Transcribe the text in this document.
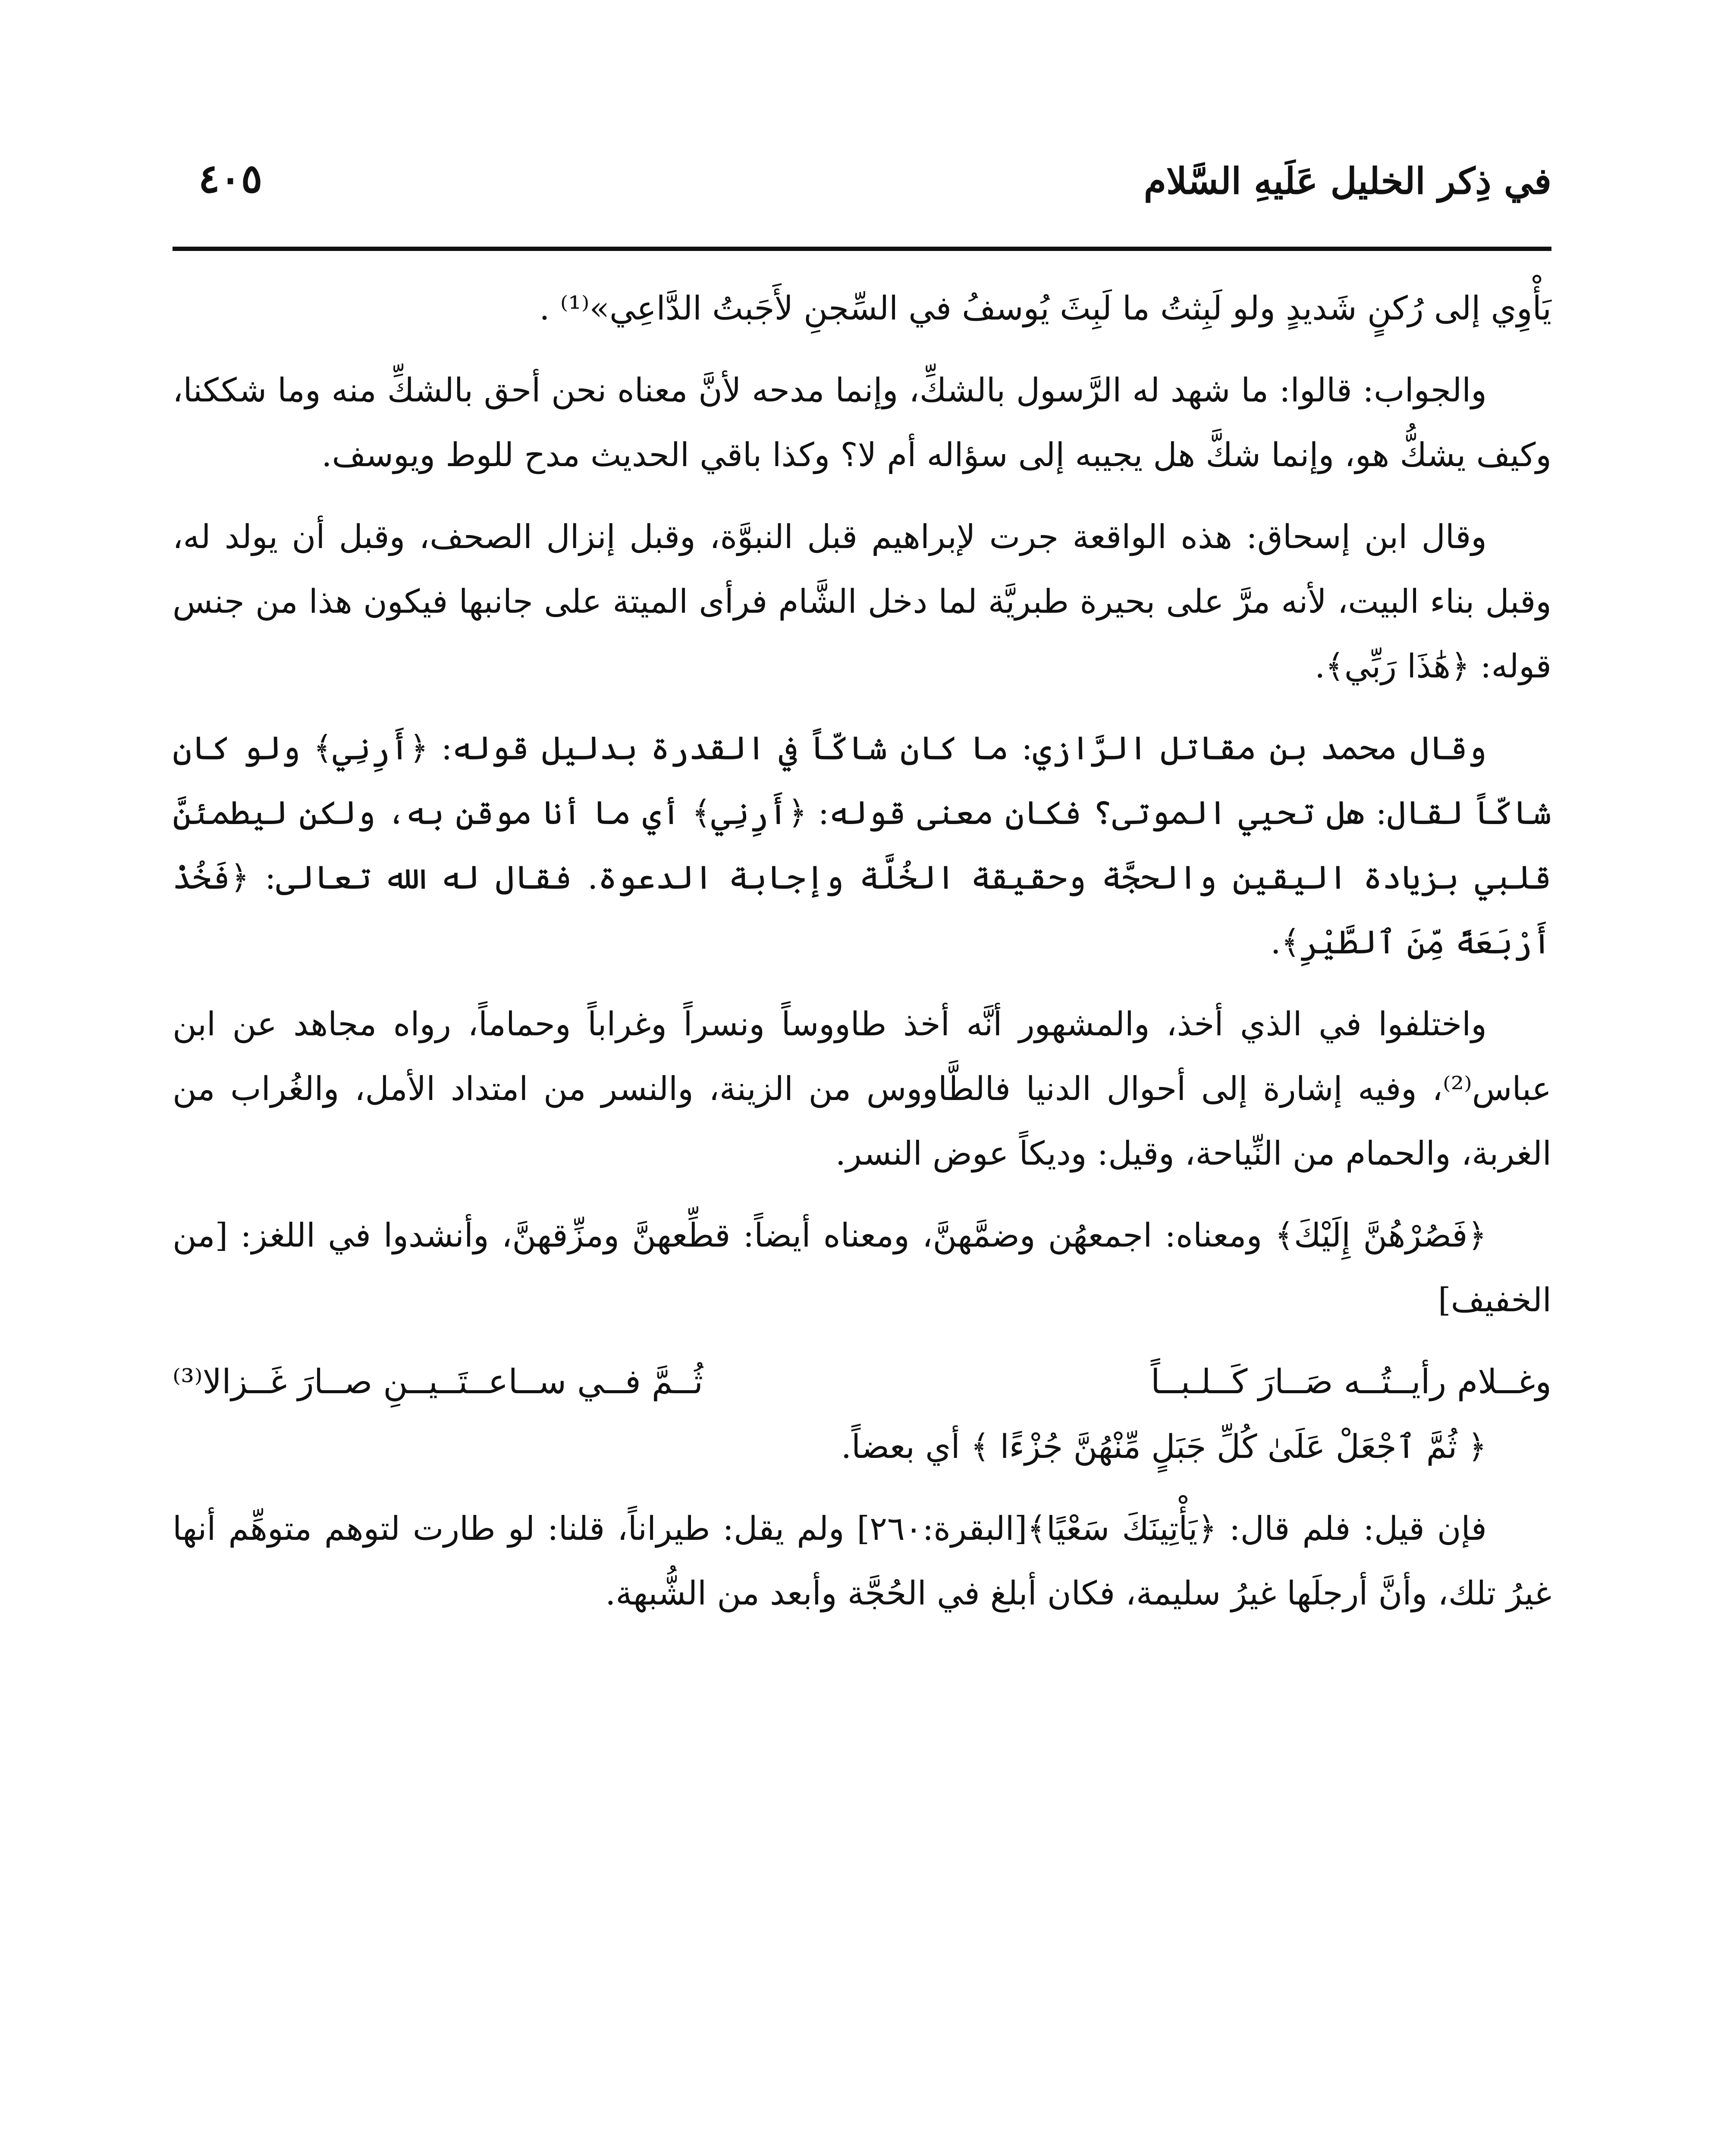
في ذِكر الخليل عَلَيهِ السَّلام
٤٠٥

يَأْوِي إلى رُكنٍ شَديدٍ ولو لَبِثتُ ما لَبِثَ يُوسفُ في السِّجنِ لأَجَبتُ الدَّاعِي»⁽¹⁾ .

والجواب: قالوا: ما شهد له الرَّسول بالشكِّ، وإنما مدحه لأنَّ معناه نحن أحق بالشكِّ منه وما شككنا، وكيف يشكُّ هو، وإنما شكَّ هل يجيبه إلى سؤاله أم لا؟ وكذا باقي الحديث مدح للوط ويوسف.

وقال ابن إسحاق: هذه الواقعة جرت لإبراهيم قبل النبوَّة، وقبل إنزال الصحف، وقبل أن يولد له، وقبل بناء البيت، لأنه مرَّ على بحيرة طبريَّة لما دخل الشَّام فرأى الميتة على جانبها فيكون هذا من جنس قوله: ﴿هَٰذَا رَبِّي﴾.

وقال محمد بن مقاتل الرَّازي: ما كان شاكّاً في القدرة بدليل قوله: ﴿أَرِنِي﴾ ولو كان شاكّاً لقال: هل تحيي الموتى؟ فكان معنى قوله: ﴿أَرِنِي﴾ أي ما أنا موقن به، ولكن ليطمئنَّ قلبي بزيادة اليقين والحجَّة وحقيقة الخُلَّة وإجابة الدعوة. فقال له الله تعالى: ﴿فَخُذْ أَرْبَعَةً مِّنَ ٱلطَّيْرِ﴾.

واختلفوا في الذي أخذ، والمشهور أنَّه أخذ طاووساً ونسراً وغراباً وحماماً، رواه مجاهد عن ابن عباس⁽²⁾، وفيه إشارة إلى أحوال الدنيا فالطَّاووس من الزينة، والنسر من امتداد الأمل، والغُراب من الغربة، والحمام من النِّياحة، وقيل: وديكاً عوض النسر.

﴿فَصُرْهُنَّ إِلَيْكَ﴾ ومعناه: اجمعهُن وضمَّهنَّ، ومعناه أيضاً: قطِّعهنَّ ومزِّقهنَّ، وأنشدوا في اللغز: [من الخفيف]

وغــلام رأيــتُــه صَــارَ كَــلـبــاً
ثُــمَّ فــي ســاعــتَــيــنِ صــارَ غَــزالا⁽³⁾

﴿ ثُمَّ ٱجْعَلْ عَلَىٰ كُلِّ جَبَلٍ مِّنْهُنَّ جُزْءًا ﴾ أي بعضاً.

فإن قيل: فلم قال: ﴿يَأْتِينَكَ سَعْيًا﴾[البقرة:٢٦٠] ولم يقل: طيراناً، قلنا: لو طارت لتوهم متوهِّم أنها غيرُ تلك، وأنَّ أرجلَها غيرُ سليمة، فكان أبلغ في الحُجَّة وأبعد من الشُّبهة.
